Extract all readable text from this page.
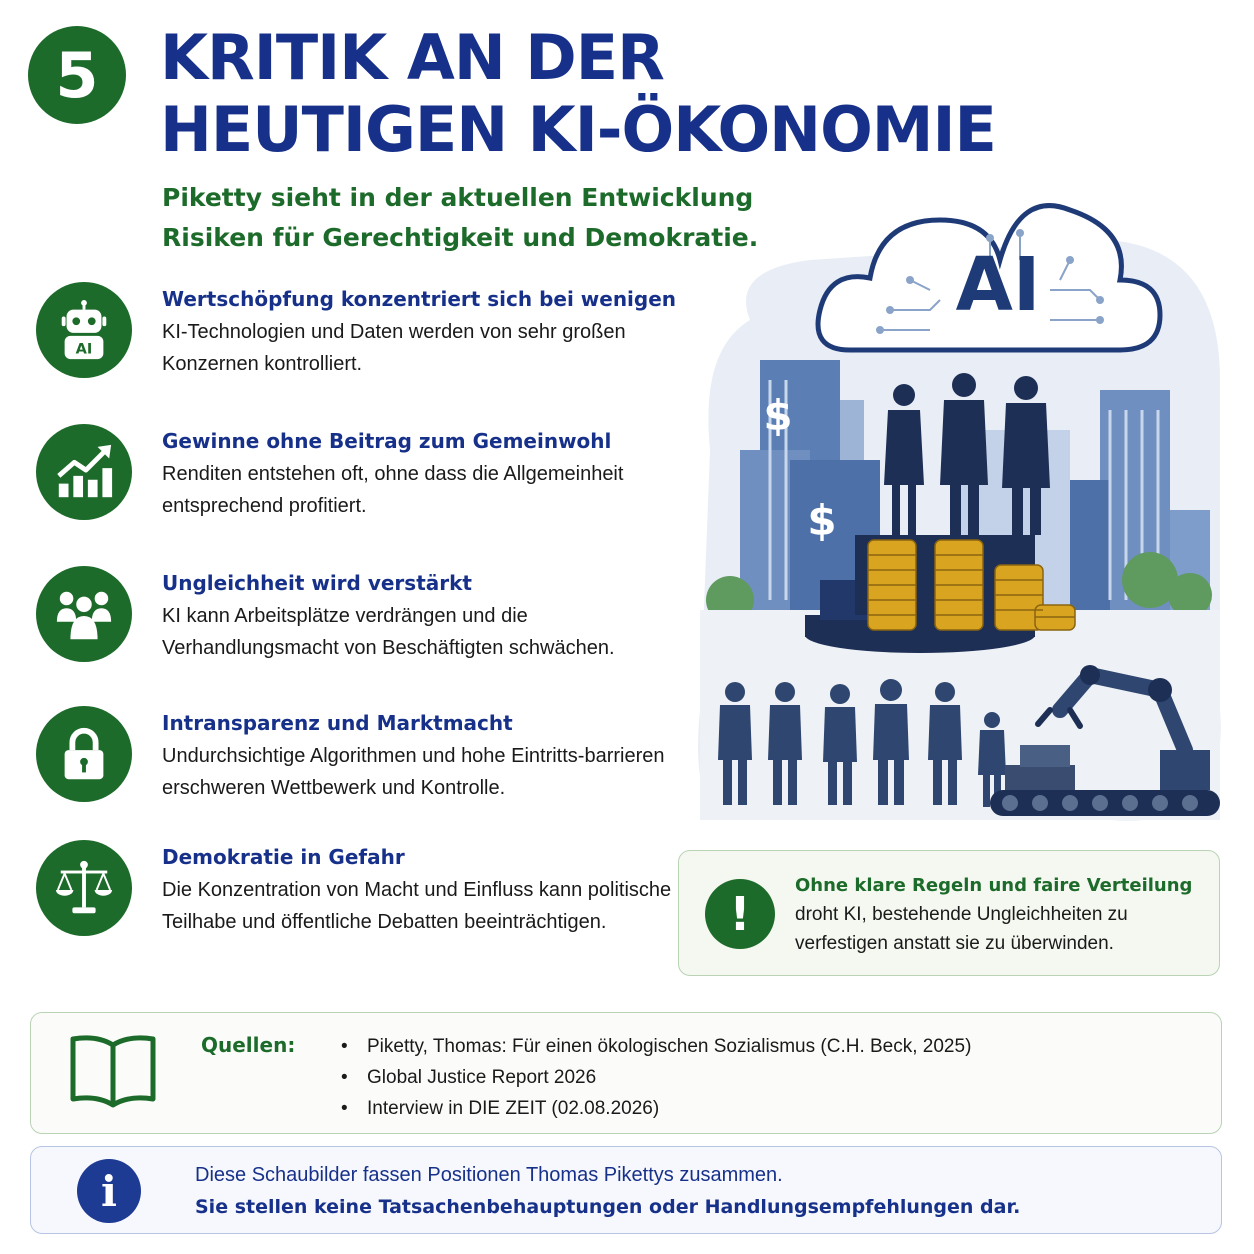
5 KRITIK AN DER
HEUTIGEN KI-ÖKONOMIE
Piketty sieht in der aktuellen Entwicklung Risiken für Gerechtigkeit und Demokratie.
AI
Wertschöpfung konzentriert sich bei wenigen
KI-Technologien und Daten werden von sehr großen Konzernen kontrolliert.
Gewinne ohne Beitrag zum Gemeinwohl
Renditen entstehen oft, ohne dass die Allgemeinheit entsprechend profitiert.
Ungleichheit wird verstärkt
KI kann Arbeitsplätze verdrängen und die Verhandlungsmacht von Beschäftigten schwächen.
Intransparenz und Marktmacht
Undurchsichtige Algorithmen und hohe Eintritts-barrieren erschweren Wettbewerk und Kontrolle.
Demokratie in Gefahr
Die Konzentration von Macht und Einfluss kann politische Teilhabe und öffentliche Debatten beeinträchtigen.
AI
$
$
!
Ohne klare Regeln und faire Verteilung
droht KI, bestehende Ungleichheiten zu verfestigen anstatt sie zu überwinden.
Quellen:
•	Piketty, Thomas: Für einen ökologischen Sozialismus (C.H. Beck, 2025)
• Global Justice Report 2026
• Interview in DIE ZEIT (02.08.2026)
i	Diese Schaubilder fassen Positionen Thomas Pikettys zusammen.
Sie stellen keine Tatsachenbehauptungen oder Handlungsempfehlungen dar.
